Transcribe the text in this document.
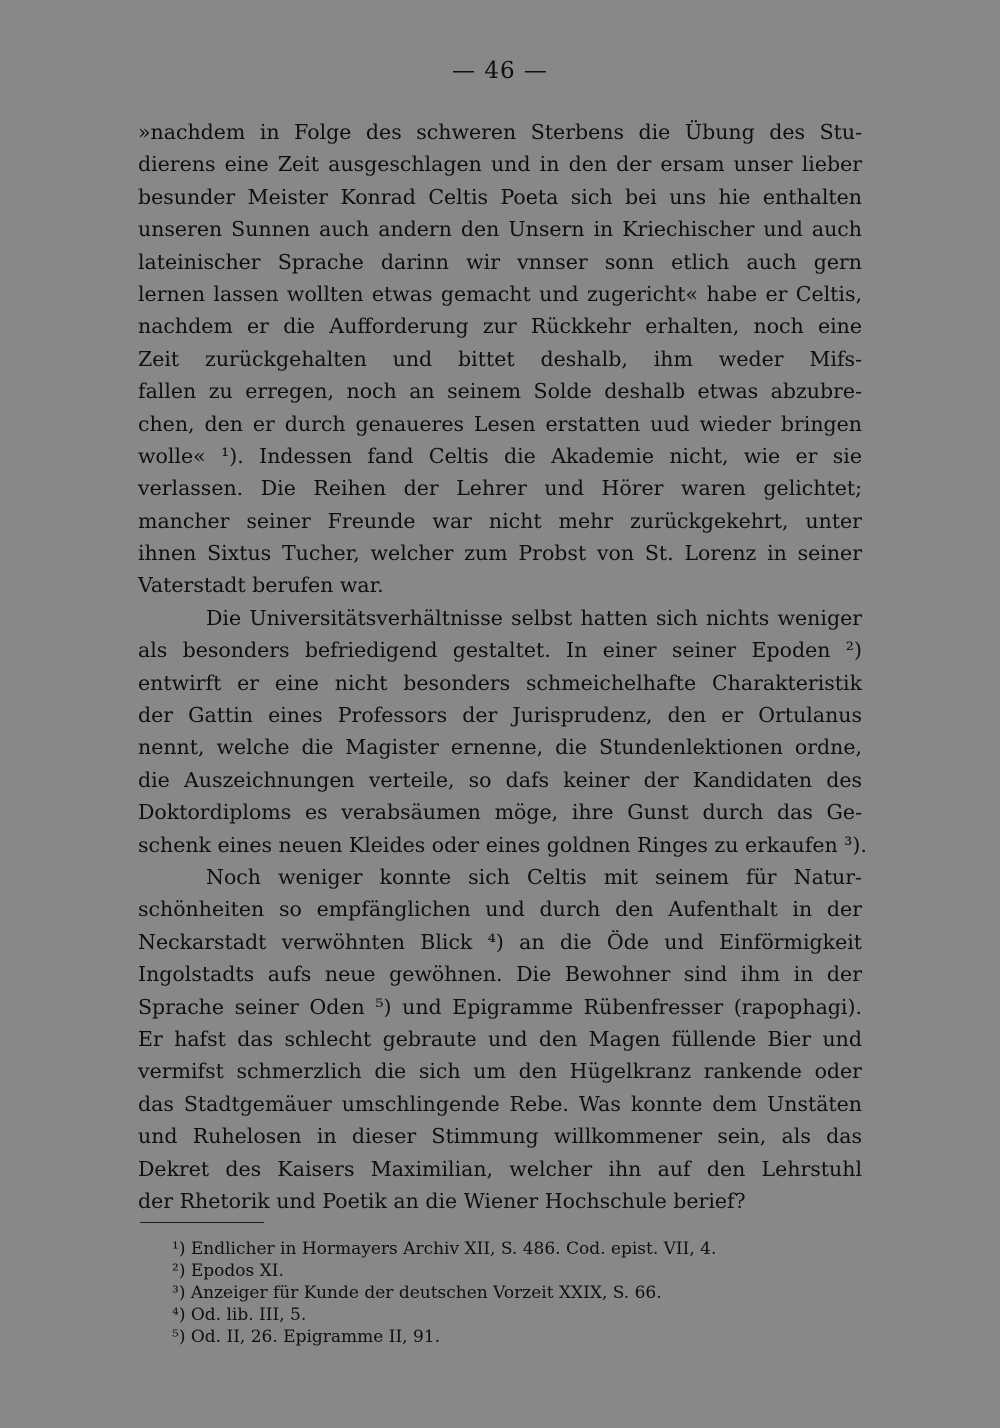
— 46 —
»nachdem in Folge des schweren Sterbens die Übung des Stu-
dierens eine Zeit ausgeschlagen und in den der ersam unser lieber
besunder Meister Konrad Celtis Poeta sich bei uns hie enthalten
unseren Sunnen auch andern den Unsern in Kriechischer und auch
lateinischer Sprache darinn wir vnnser sonn etlich auch gern
lernen lassen wollten etwas gemacht und zugericht« habe er Celtis,
nachdem er die Aufforderung zur Rückkehr erhalten, noch eine
Zeit zurückgehalten und bittet deshalb, ihm weder Mifs-
fallen zu erregen, noch an seinem Solde deshalb etwas abzubre-
chen, den er durch genaueres Lesen erstatten uud wieder bringen
wolle« ¹). Indessen fand Celtis die Akademie nicht, wie er sie
verlassen. Die Reihen der Lehrer und Hörer waren gelichtet;
mancher seiner Freunde war nicht mehr zurückgekehrt, unter
ihnen Sixtus Tucher, welcher zum Probst von St. Lorenz in seiner
Vaterstadt berufen war.
Die Universitätsverhältnisse selbst hatten sich nichts weniger
als besonders befriedigend gestaltet. In einer seiner Epoden ²)
entwirft er eine nicht besonders schmeichelhafte Charakteristik
der Gattin eines Professors der Jurisprudenz, den er Ortulanus
nennt, welche die Magister ernenne, die Stundenlektionen ordne,
die Auszeichnungen verteile, so dafs keiner der Kandidaten des
Doktordiploms es verabsäumen möge, ihre Gunst durch das Ge-
schenk eines neuen Kleides oder eines goldnen Ringes zu erkaufen ³).
Noch weniger konnte sich Celtis mit seinem für Natur-
schönheiten so empfänglichen und durch den Aufenthalt in der
Neckarstadt verwöhnten Blick ⁴) an die Öde und Einförmigkeit
Ingolstadts aufs neue gewöhnen. Die Bewohner sind ihm in der
Sprache seiner Oden ⁵) und Epigramme Rübenfresser (rapophagi).
Er hafst das schlecht gebraute und den Magen füllende Bier und
vermifst schmerzlich die sich um den Hügelkranz rankende oder
das Stadtgemäuer umschlingende Rebe. Was konnte dem Unstäten
und Ruhelosen in dieser Stimmung willkommener sein, als das
Dekret des Kaisers Maximilian, welcher ihn auf den Lehrstuhl
der Rhetorik und Poetik an die Wiener Hochschule berief?
¹) Endlicher in Hormayers Archiv XII, S. 486. Cod. epist. VII, 4.
²) Epodos XI.
³) Anzeiger für Kunde der deutschen Vorzeit XXIX, S. 66.
⁴) Od. lib. III, 5.
⁵) Od. II, 26. Epigramme II, 91.
